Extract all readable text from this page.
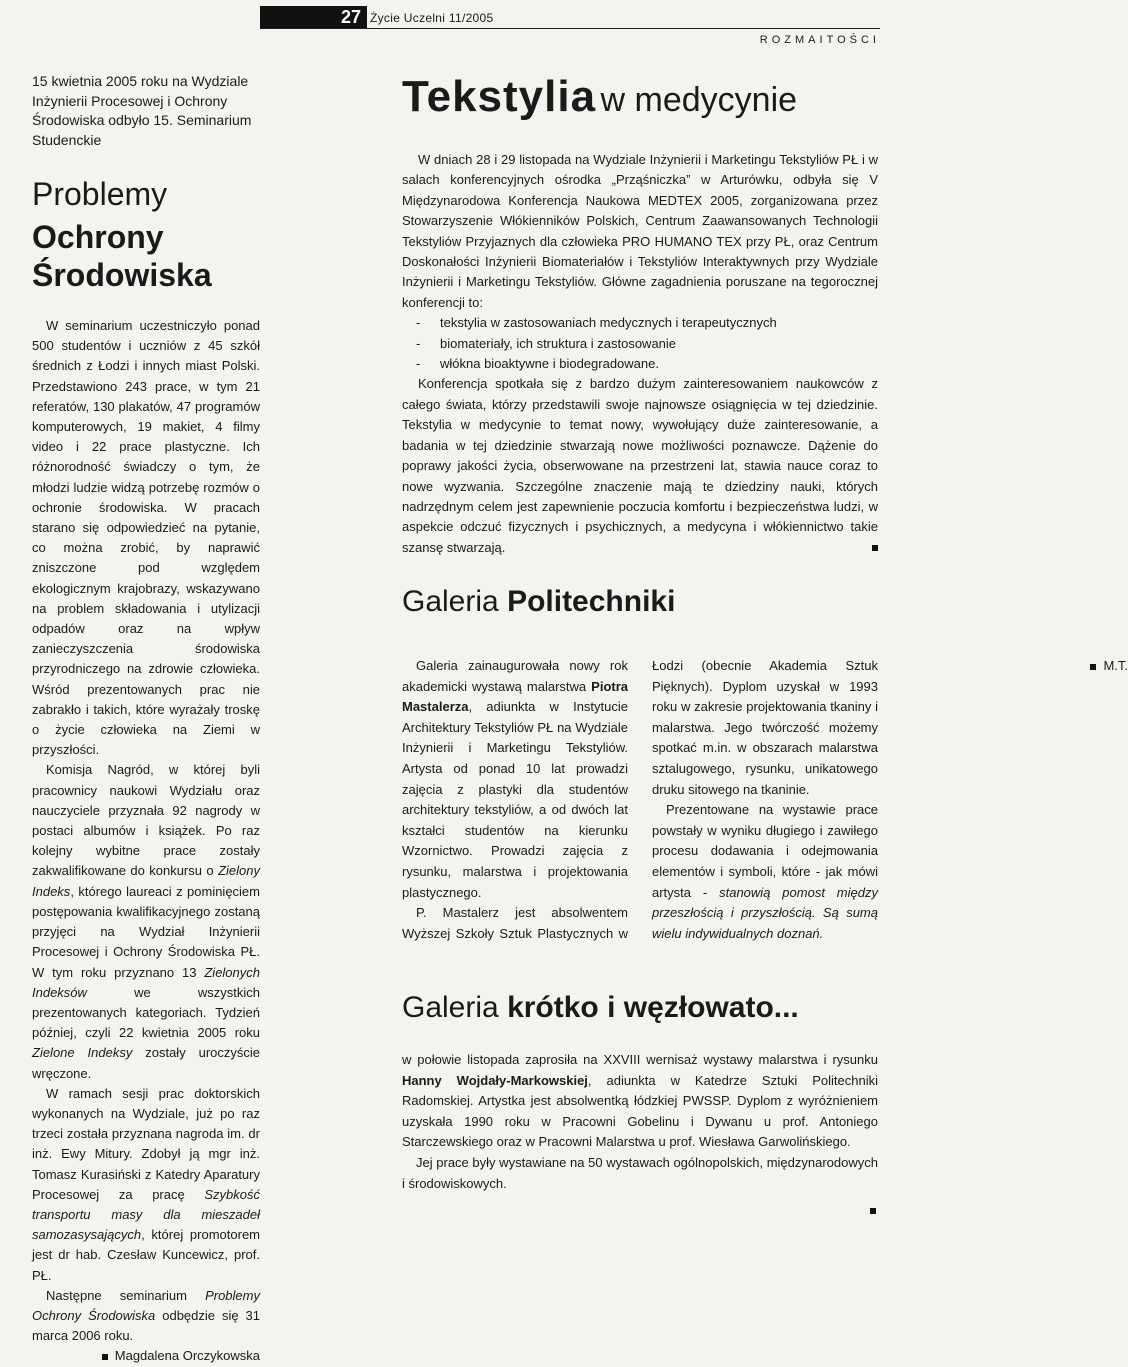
27 Życie Uczelni 11/2005
ROZMAITOŚCI
15 kwietnia 2005 roku na Wydziale Inżynierii Procesowej i Ochrony Środowiska odbyło 15. Seminarium Studenckie
Problemy
Ochrony
Środowiska

W seminarium uczestniczyło ponad 500 studentów i uczniów z 45 szkół średnich z Łodzi i innych miast Polski. Przedstawiono 243 prace, w tym 21 referatów, 130 plakatów, 47 programów komputerowych, 19 makiet, 4 filmy video i 22 prace plastyczne. Ich różnorodność świadczy o tym, że młodzi ludzie widzą potrzebę rozmów o ochronie środowiska. W pracach starano się odpowiedzieć na pytanie, co można zrobić, by naprawić zniszczone pod względem ekologicznym krajobrazy, wskazywano na problem składowania i utylizacji odpadów oraz na wpływ zanieczyszczenia środowiska przyrodniczego na zdrowie człowieka. Wśród prezentowanych prac nie zabrakło i takich, które wyrażały troskę o życie człowieka na Ziemi w przyszłości.

Komisja Nagród, w której byli pracownicy naukowi Wydziału oraz nauczyciele przyznała 92 nagrody w postaci albumów i książek. Po raz kolejny wybitne prace zostały zakwalifikowane do konkursu o Zielony Indeks, którego laureaci z pominięciem postępowania kwalifikacyjnego zostaną przyjęci na Wydział Inżynierii Procesowej i Ochrony Środowiska PŁ. W tym roku przyznano 13 Zielonych Indeksów we wszystkich prezentowanych kategoriach. Tydzień później, czyli 22 kwietnia 2005 roku Zielone Indeksy zostały uroczyście wręczone.

W ramach sesji prac doktorskich wykonanych na Wydziale, już po raz trzeci została przyznana nagroda im. dr inż. Ewy Mitury. Zdobył ją mgr inż. Tomasz Kurasiński z Katedry Aparatury Procesowej za pracę Szybkość transportu masy dla mieszadeł samozasysających, której promotorem jest dr hab. Czesław Kuncewicz, prof. PŁ.

Następne seminarium Problemy Ochrony Środowiska odbędzie się 31 marca 2006 roku.

Magdalena Orczykowska

Tekstylia w medycynie

W dniach 28 i 29 listopada na Wydziale Inżynierii i Marketingu Tekstyliów PŁ i w salach konferencyjnych ośrodka „Prząśniczka” w Arturówku, odbyła się V Międzynarodowa Konferencja Naukowa MEDTEX 2005, zorganizowana przez Stowarzyszenie Włókienników Polskich, Centrum Zaawansowanych Technologii Tekstyliów Przyjaznych dla człowieka PRO HUMANO TEX przy PŁ, oraz Centrum Doskonałości Inżynierii Biomateriałów i Tekstyliów Interaktywnych przy Wydziale Inżynierii i Marketingu Tekstyliów. Główne zagadnienia poruszane na tegorocznej konferencji to:

- tekstylia w zastosowaniach medycznych i terapeutycznych
- biomateriały, ich struktura i zastosowanie
- włókna bioaktywne i biodegradowane.

Konferencja spotkała się z bardzo dużym zainteresowaniem naukowców z całego świata, którzy przedstawili swoje najnowsze osiągnięcia w tej dziedzinie. Tekstylia w medycynie to temat nowy, wywołujący duże zainteresowanie, a badania w tej dziedzinie stwarzają nowe możliwości poznawcze. Dążenie do poprawy jakości życia, obserwowane na przestrzeni lat, stawia nauce coraz to nowe wyzwania. Szczególne znaczenie mają te dziedziny nauki, których nadrzędnym celem jest zapewnienie poczucia komfortu i bezpieczeństwa ludzi, w aspekcie odczuć fizycznych i psychicznych, a medycyna i włókiennictwo takie szansę stwarzają.

Galeria Politechniki

Galeria zainaugurowała nowy rok akademicki wystawą malarstwa Piotra Mastalerza, adiunkta w Instytucie Architektury Tekstyliów PŁ na Wydziale Inżynierii i Marketingu Tekstyliów. Artysta od ponad 10 lat prowadzi zajęcia z plastyki dla studentów architektury tekstyliów, a od dwóch lat kształci studentów na kierunku Wzornictwo. Prowadzi zajęcia z rysunku, malarstwa i projektowania plastycznego.

P. Mastalerz jest absolwentem Wyższej Szkoły Sztuk Plastycznych w Łodzi (obecnie Akademia Sztuk Pięknych). Dyplom uzyskał w 1993 roku w zakresie projektowania tkaniny i malarstwa. Jego twórczość możemy spotkać m.in. w obszarach malarstwa sztalugowego, rysunku, unikatowego druku sitowego na tkaninie.

Prezentowane na wystawie prace powstały w wyniku długiego i zawiłego procesu dodawania i odejmowania elementów i symboli, które - jak mówi artysta - stanowią pomost między przeszłością i przyszłością. Są sumą wielu indywidualnych doznań.

M.T.

Galeria krótko i węzłowato...

w połowie listopada zaprosiła na XXVIII wernisaż wystawy malarstwa i rysunku Hanny Wojdały-Markowskiej, adiunkta w Katedrze Sztuki Politechniki Radomskiej. Artystka jest absolwentką łódzkiej PWSSP. Dyplom z wyróżnieniem uzyskała 1990 roku w Pracowni Gobelinu i Dywanu u prof. Antoniego Starczewskiego oraz w Pracowni Malarstwa u prof. Wiesława Garwolińskiego.

Jej prace były wystawiane na 50 wystawach ogólnopolskich, międzynarodowych i środowiskowych.
